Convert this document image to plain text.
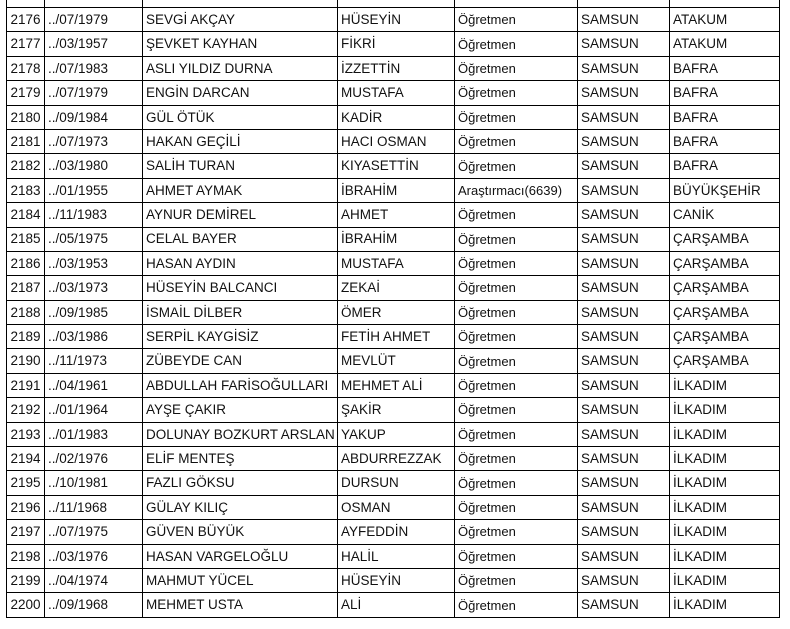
2176	../07/1979	SEVGİ AKÇAY	HÜSEYİN	Öğretmen	SAMSUN	ATAKUM
2177	../03/1957	ŞEVKET KAYHAN	FİKRİ	Öğretmen	SAMSUN	ATAKUM
2178	../07/1983	ASLI YILDIZ DURNA	İZZETTİN	Öğretmen	SAMSUN	BAFRA
2179	../07/1979	ENGİN DARCAN	MUSTAFA	Öğretmen	SAMSUN	BAFRA
2180	../09/1984	GÜL ÖTÜK	KADİR	Öğretmen	SAMSUN	BAFRA
2181	../07/1973	HAKAN GEÇİLİ	HACI OSMAN	Öğretmen	SAMSUN	BAFRA
2182	../03/1980	SALİH TURAN	KIYASETTİN	Öğretmen	SAMSUN	BAFRA
2183	../01/1955	AHMET AYMAK	İBRAHİM	Araştırmacı(6639)	SAMSUN	BÜYÜKŞEHİR
2184	../11/1983	AYNUR DEMİREL	AHMET	Öğretmen	SAMSUN	CANİK
2185	../05/1975	CELAL BAYER	İBRAHİM	Öğretmen	SAMSUN	ÇARŞAMBA
2186	../03/1953	HASAN AYDIN	MUSTAFA	Öğretmen	SAMSUN	ÇARŞAMBA
2187	../03/1973	HÜSEYİN BALCANCI	ZEKAİ	Öğretmen	SAMSUN	ÇARŞAMBA
2188	../09/1985	İSMAİL DİLBER	ÖMER	Öğretmen	SAMSUN	ÇARŞAMBA
2189	../03/1986	SERPİL KAYGİSİZ	FETİH AHMET	Öğretmen	SAMSUN	ÇARŞAMBA
2190	../11/1973	ZÜBEYDE CAN	MEVLÜT	Öğretmen	SAMSUN	ÇARŞAMBA
2191	../04/1961	ABDULLAH FARİSOĞULLARI	MEHMET ALİ	Öğretmen	SAMSUN	İLKADIM
2192	../01/1964	AYŞE ÇAKIR	ŞAKİR	Öğretmen	SAMSUN	İLKADIM
2193	../01/1983	DOLUNAY BOZKURT ARSLAN	YAKUP	Öğretmen	SAMSUN	İLKADIM
2194	../02/1976	ELİF MENTEŞ	ABDURREZZAK	Öğretmen	SAMSUN	İLKADIM
2195	../10/1981	FAZLI GÖKSU	DURSUN	Öğretmen	SAMSUN	İLKADIM
2196	../11/1968	GÜLAY KILIÇ	OSMAN	Öğretmen	SAMSUN	İLKADIM
2197	../07/1975	GÜVEN BÜYÜK	AYFEDDİN	Öğretmen	SAMSUN	İLKADIM
2198	../03/1976	HASAN VARGELOĞLU	HALİL	Öğretmen	SAMSUN	İLKADIM
2199	../04/1974	MAHMUT YÜCEL	HÜSEYİN	Öğretmen	SAMSUN	İLKADIM
2200	../09/1968	MEHMET USTA	ALİ	Öğretmen	SAMSUN	İLKADIM
